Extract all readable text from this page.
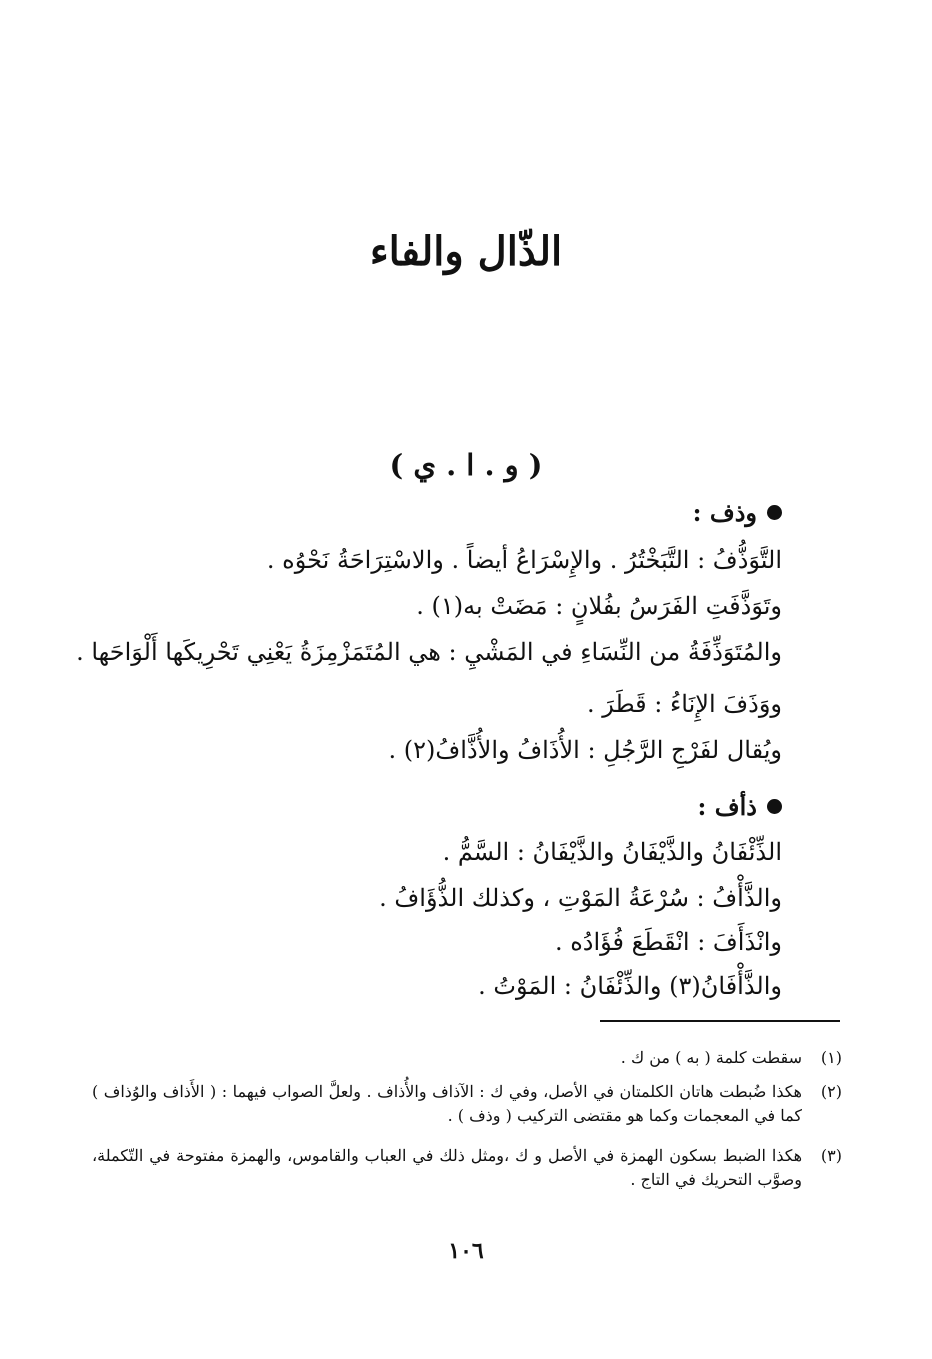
الذّال والفاء
( و . ا . ي )
وذف :
التَّوَذُّفُ : التَّبَخْتُرُ . والإِسْرَاعُ أيضاً . والاسْتِرَاحَةُ نَحْوُه .
وتَوَذَّفَتِ الفَرَسُ بفُلانٍ : مَضَتْ به(١) .
والمُتَوَذِّفَةُ من النِّسَاءِ في المَشْيِ : هي المُتَمَزْمِزَةُ يَعْنِي تَحْرِيكَها أَلْوَاحَها .
ووَذَفَ الإِنَاءُ : قَطَرَ .
ويُقال لفَرْجِ الرَّجُلِ : الأُذَافُ والأُذَّافُ(٢) .
ذأف :
الذِّئْفَانُ والذَّيْفَانُ والذَّيْفَانُ : السَّمُّ .
والذَّأْفُ : سُرْعَةُ المَوْتِ ، وكذلك الذُّؤَافُ .
وانْذَأَفَ : انْقَطَعَ فُؤَادُه .
والذَّأْفَانُ(٣) والذِّئْفَانُ : المَوْتُ .
(١)
سقطت كلمة ( به ) من ك .
(٢)
هكذا ضُبطت هاتان الكلمتان في الأصل، وفي ك : الآذاف والأُذاف . ولعلَّ الصواب فيهما : ( الأَذاف والوُذاف ) كما في المعجمات وكما هو مقتضى التركيب ( وذف ) .
(٣)
هكذا الضبط بسكون الهمزة في الأصل و ك ،ومثل ذلك في العباب والقاموس، والهمزة مفتوحة في التّكملة، وصوَّب التحريك في التاج .
١٠٦
